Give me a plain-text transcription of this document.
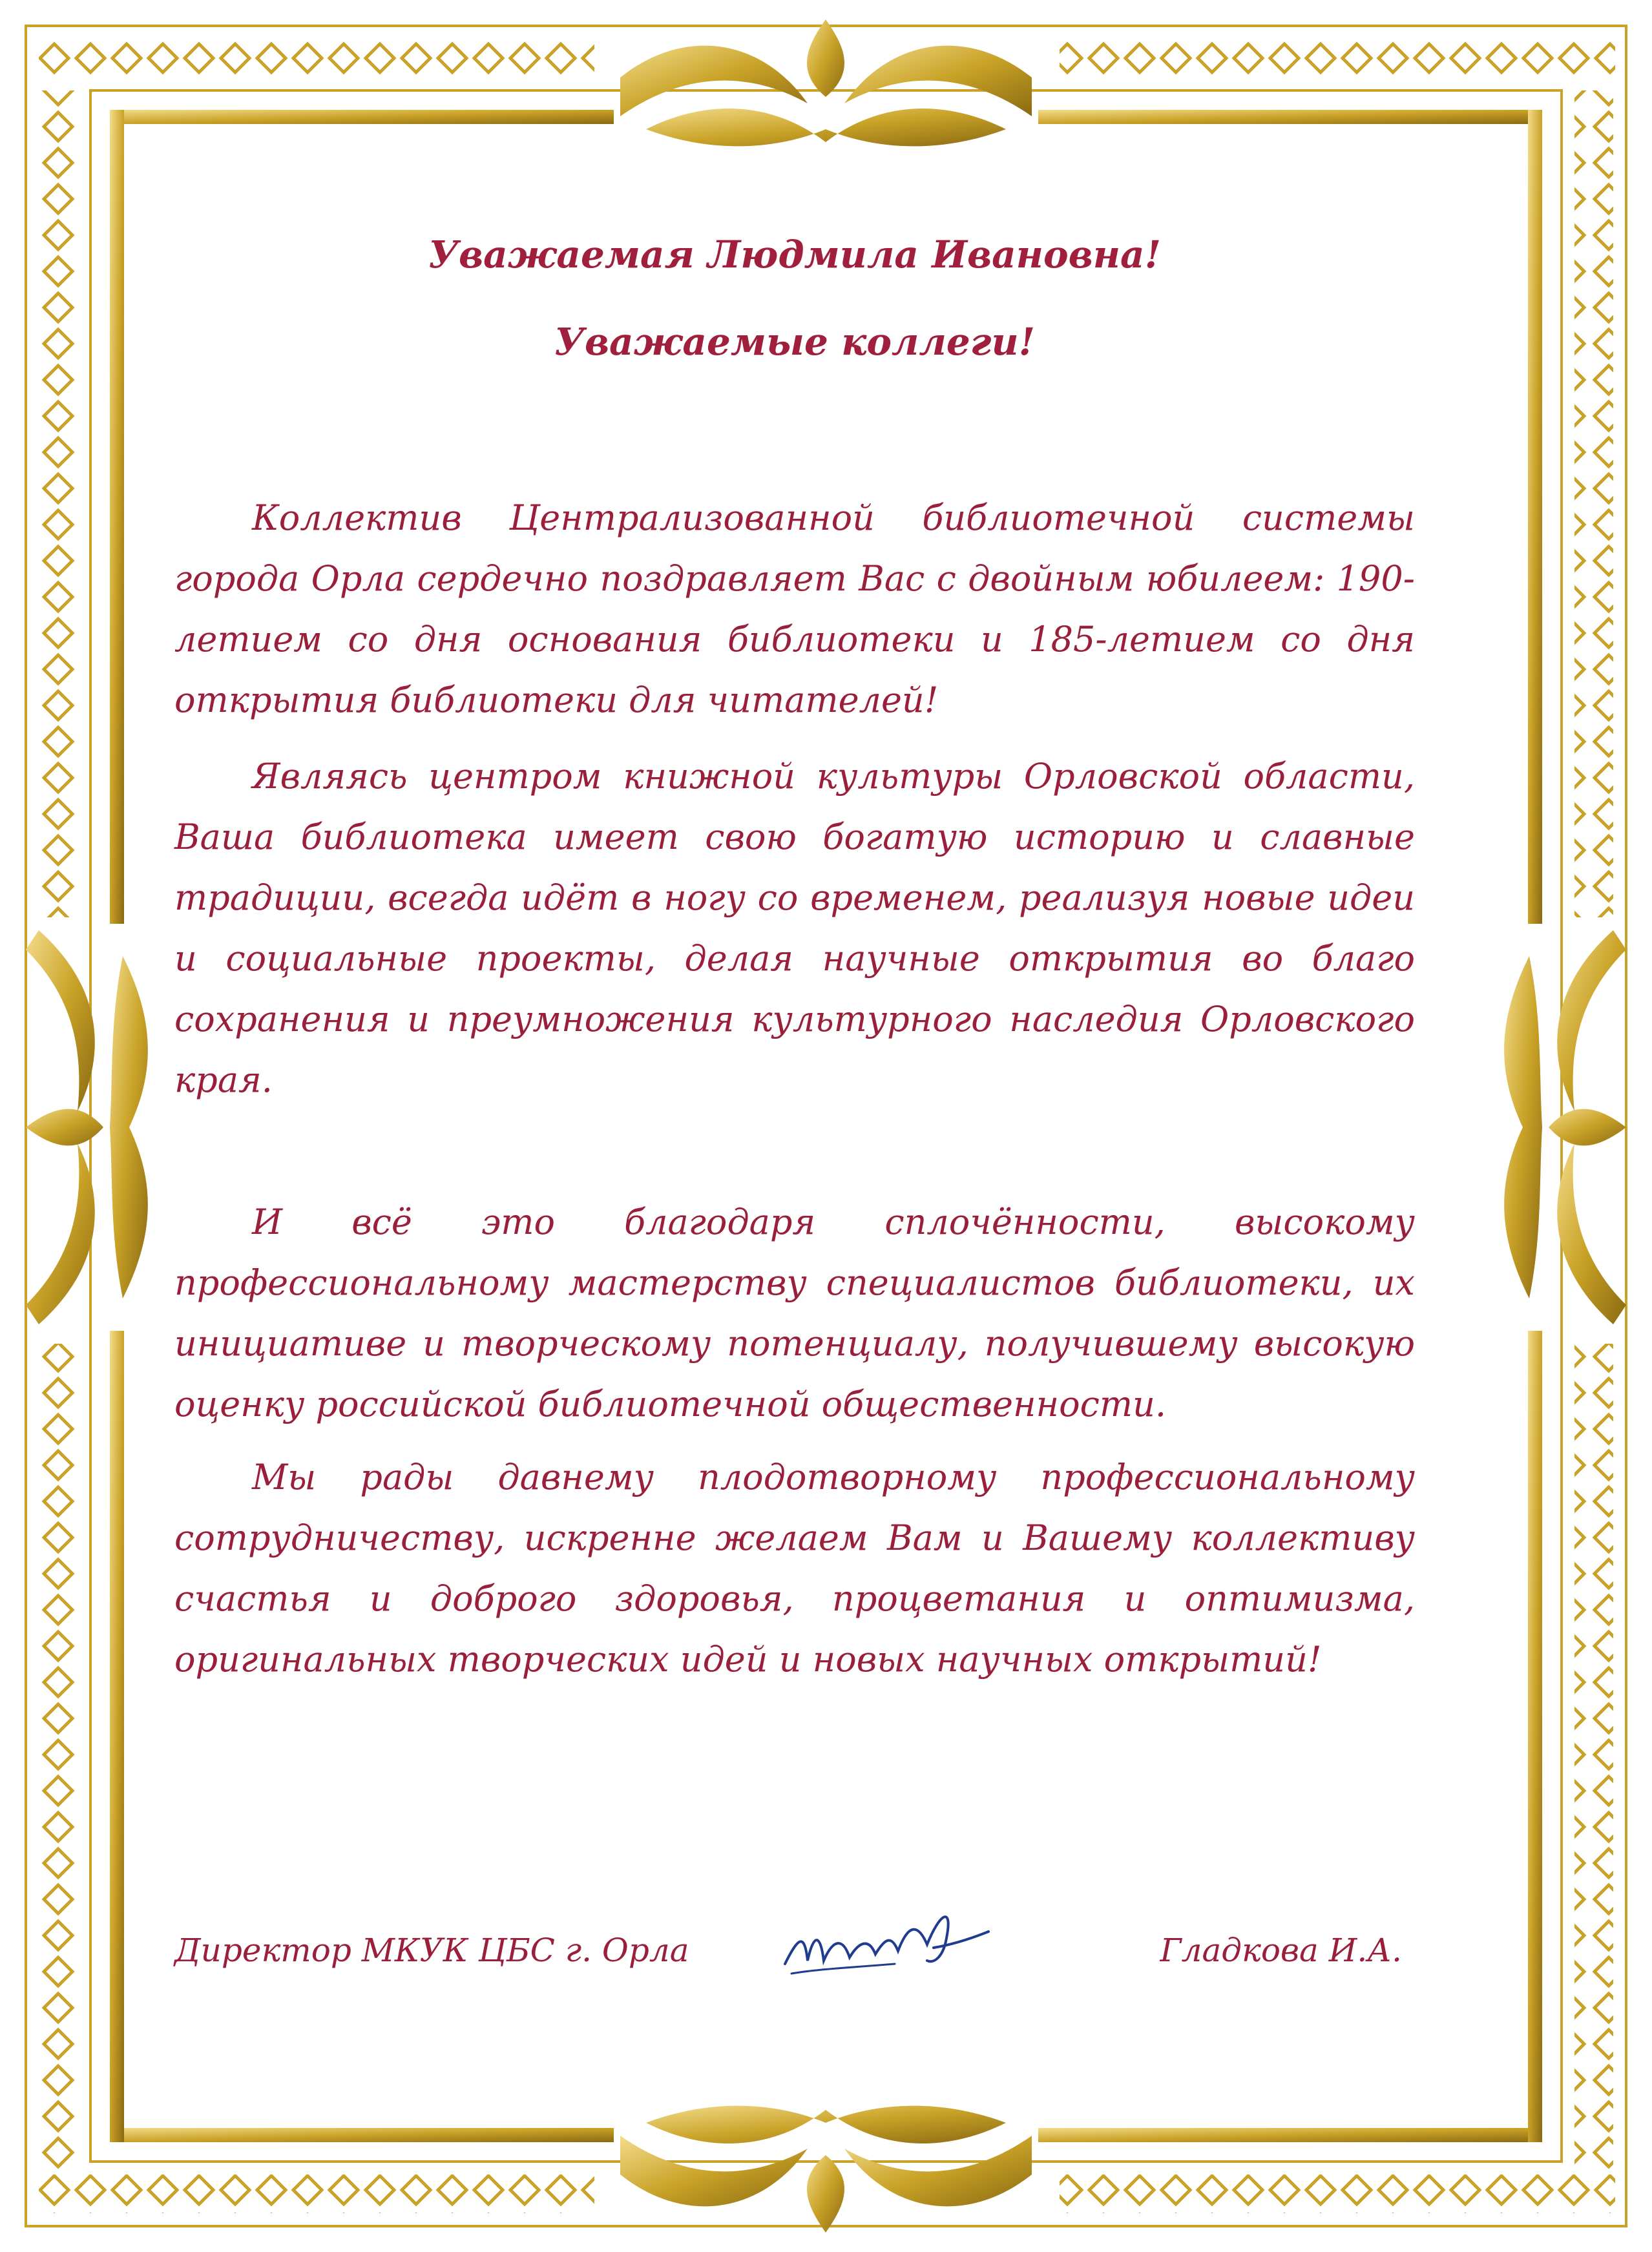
Уважаемая Людмила Ивановна!

Уважаемые коллеги!

Коллектив Централизованной библиотечной системы города Орла сердечно поздравляет Вас с двойным юбилеем: 190-летием со дня основания библиотеки и 185-летием со дня открытия библиотеки для читателей!

Являясь центром книжной культуры Орловской области, Ваша библиотека имеет свою богатую историю и славные традиции, всегда идёт в ногу со временем, реализуя новые идеи и социальные проекты, делая научные открытия во благо сохранения и преумножения культурного наследия Орловского края.

И всё это благодаря сплочённости, высокому профессиональному мастерству специалистов библиотеки, их инициативе и творческому потенциалу, получившему высокую оценку российской библиотечной общественности.

Мы рады давнему плодотворному профессиональному сотрудничеству, искренне желаем Вам и Вашему коллективу счастья и доброго здоровья, процветания и оптимизма, оригинальных творческих идей и новых научных открытий!

Директор МКУК ЦБС г. Орла	Гладкова И.А.
